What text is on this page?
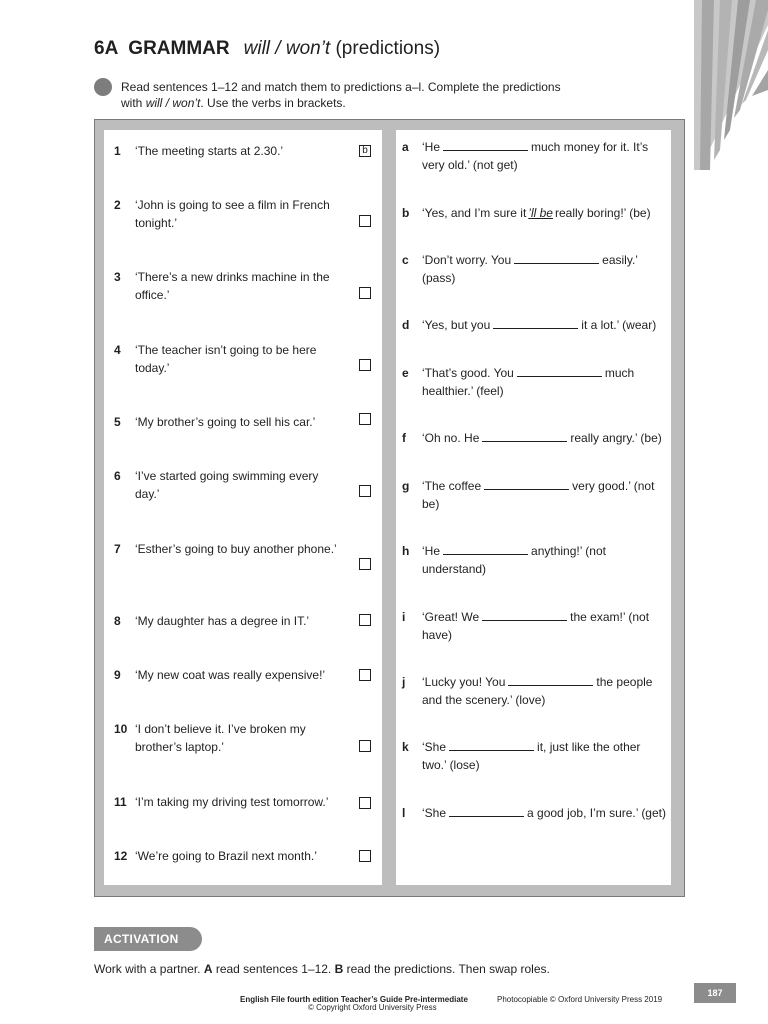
6A GRAMMAR will / won’t (predictions)
Read sentences 1–12 and match them to predictions a–l. Complete the predictions
with will / won’t. Use the verbs in brackets.
1	‘The meeting starts at 2.30.’	b
2	‘John is going to see a film in French tonight.’
3	‘There’s a new drinks machine in the office.’
4	‘The teacher isn’t going to be here today.’
5	‘My brother’s going to sell his car.’
6	‘I’ve started going swimming every day.’
7	‘Esther’s going to buy another phone.’
8	‘My daughter has a degree in IT.’
9	‘My new coat was really expensive!’
10 ‘I don’t believe it. I’ve broken my brother’s laptop.’
11 ‘I’m taking my driving test tomorrow.’
12 ‘We’re going to Brazil next month.’
a	‘He	much money for it. It’s very old.’ (not get)
b	‘Yes, and I’m sure it ’ll be really boring!’ (be)
c	‘Don’t worry. You	easily.’ (pass)
d	‘Yes, but you	it a lot.’ (wear)
e	‘That’s good. You	much healthier.’ (feel)
f	‘Oh no. He	really angry.’ (be)
g	‘The coffee	very good.’ (not be)
h	‘He	anything!’ (not understand)
i	‘Great! We	the exam!’ (not have)
j	‘Lucky you! You	the people and the scenery.’ (love)
k	‘She	it, just like the other two.’ (lose)
l	‘She	a good job, I’m sure.’ (get)
ACTIVATION
Work with a partner. A read sentences 1–12. B read the predictions. Then swap roles.
English File fourth edition Teacher’s Guide Pre-intermediate	Photocopiable © Oxford University Press 2019
© Copyright Oxford University Press
187
